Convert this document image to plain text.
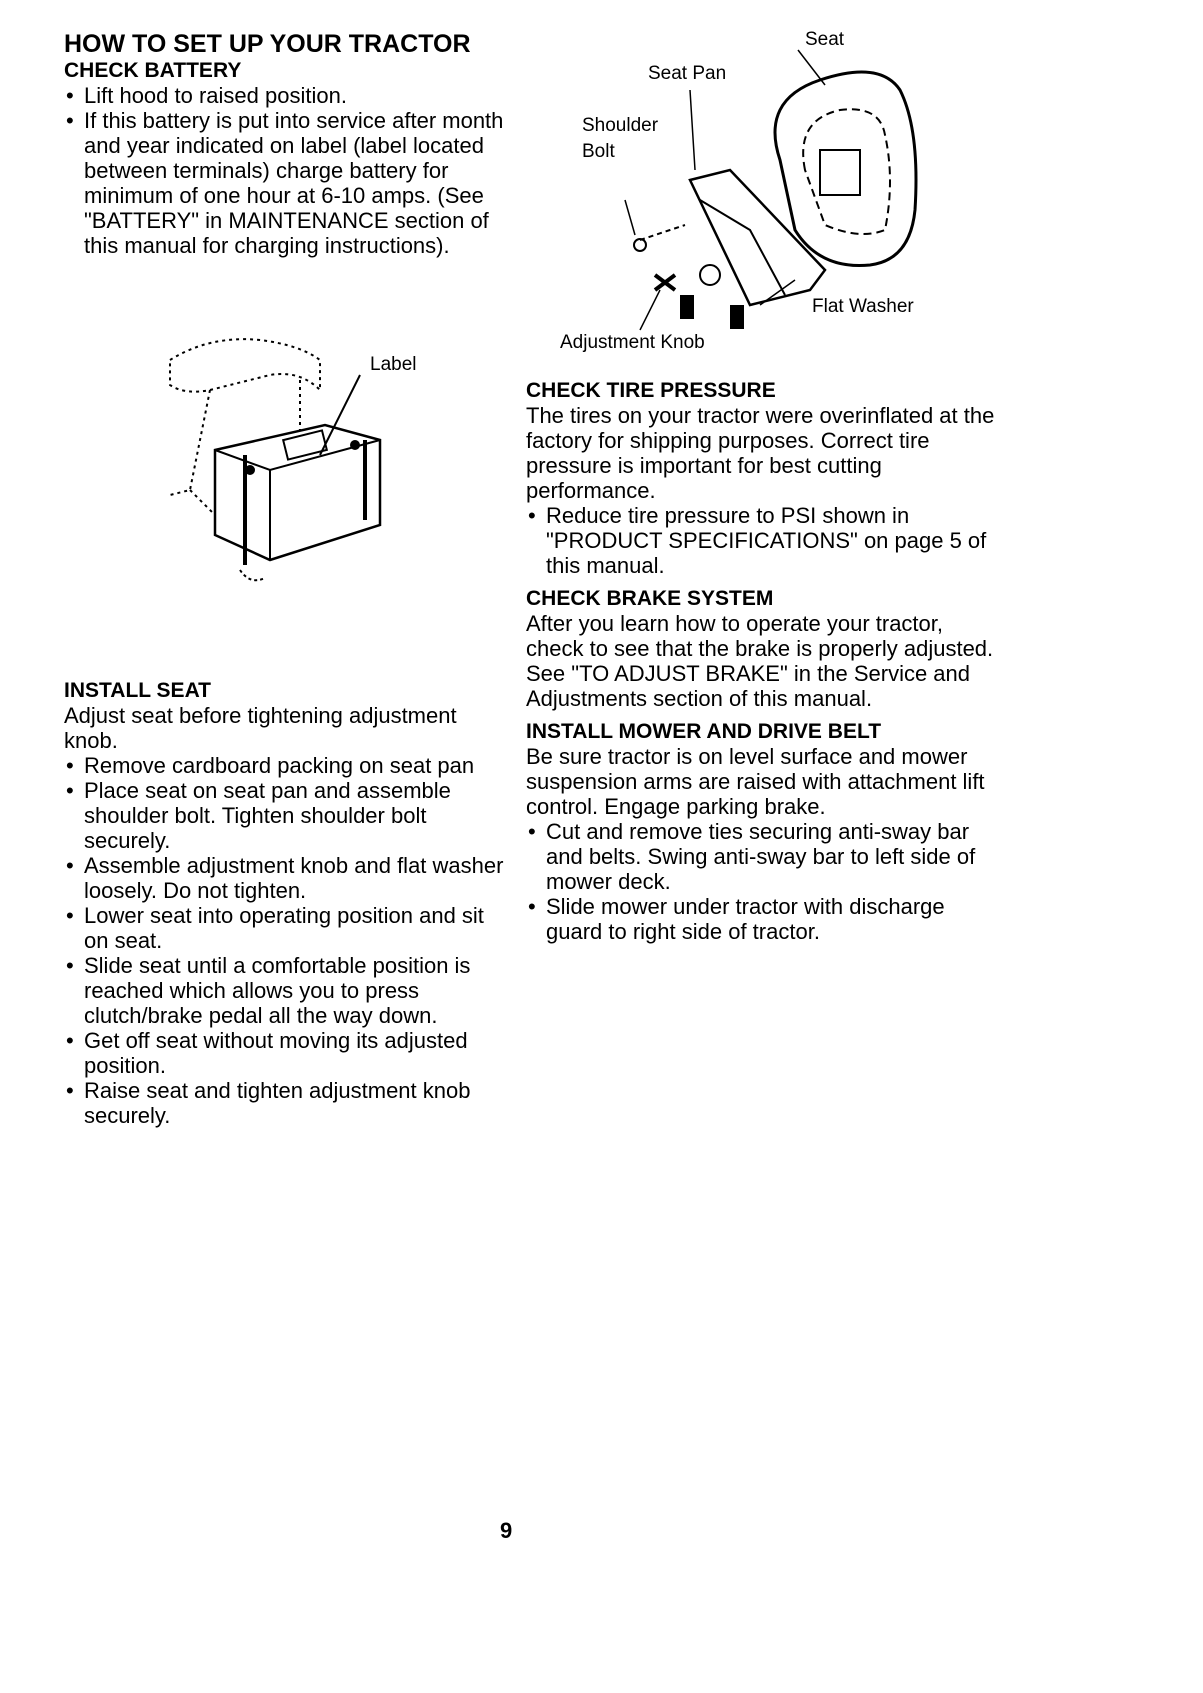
HOW TO SET UP YOUR TRACTOR
CHECK BATTERY
• Lift hood to raised position.
• If this battery is put into service after month and year indicated on label (label located between terminals) charge battery for minimum of one hour at 6-10 amps. (See "BATTERY" in MAINTENANCE section of this manual for charging instructions).
Label
INSTALL SEAT

Adjust seat before tightening adjustment knob.

• Remove cardboard packing on seat pan
• Place seat on seat pan and assemble shoulder bolt. Tighten shoulder bolt securely.
• Assemble adjustment knob and flat washer loosely. Do not tighten.
• Lower seat into operating position and sit on seat.
• Slide seat until a comfortable position is reached which allows you to press clutch/brake pedal all the way down.
• Get off seat without moving its adjusted position.
• Raise seat and tighten adjustment knob securely.
Seat
Seat Pan
Shoulder
Bolt
Flat Washer
Adjustment Knob
CHECK TIRE PRESSURE

The tires on your tractor were overinflated at the factory for shipping purposes. Correct tire pressure is important for best cutting performance.

• Reduce tire pressure to PSI shown in "PRODUCT SPECIFICATIONS" on page 5 of this manual.
CHECK BRAKE SYSTEM

After you learn how to operate your tractor, check to see that the brake is properly adjusted. See "TO ADJUST BRAKE" in the Service and Adjustments section of this manual.

INSTALL MOWER AND DRIVE BELT

Be sure tractor is on level surface and mower suspension arms are raised with attachment lift control. Engage parking brake.

• Cut and remove ties securing anti-sway bar and belts. Swing anti-sway bar to left side of mower deck.
• Slide mower under tractor with discharge guard to right side of tractor.
9
